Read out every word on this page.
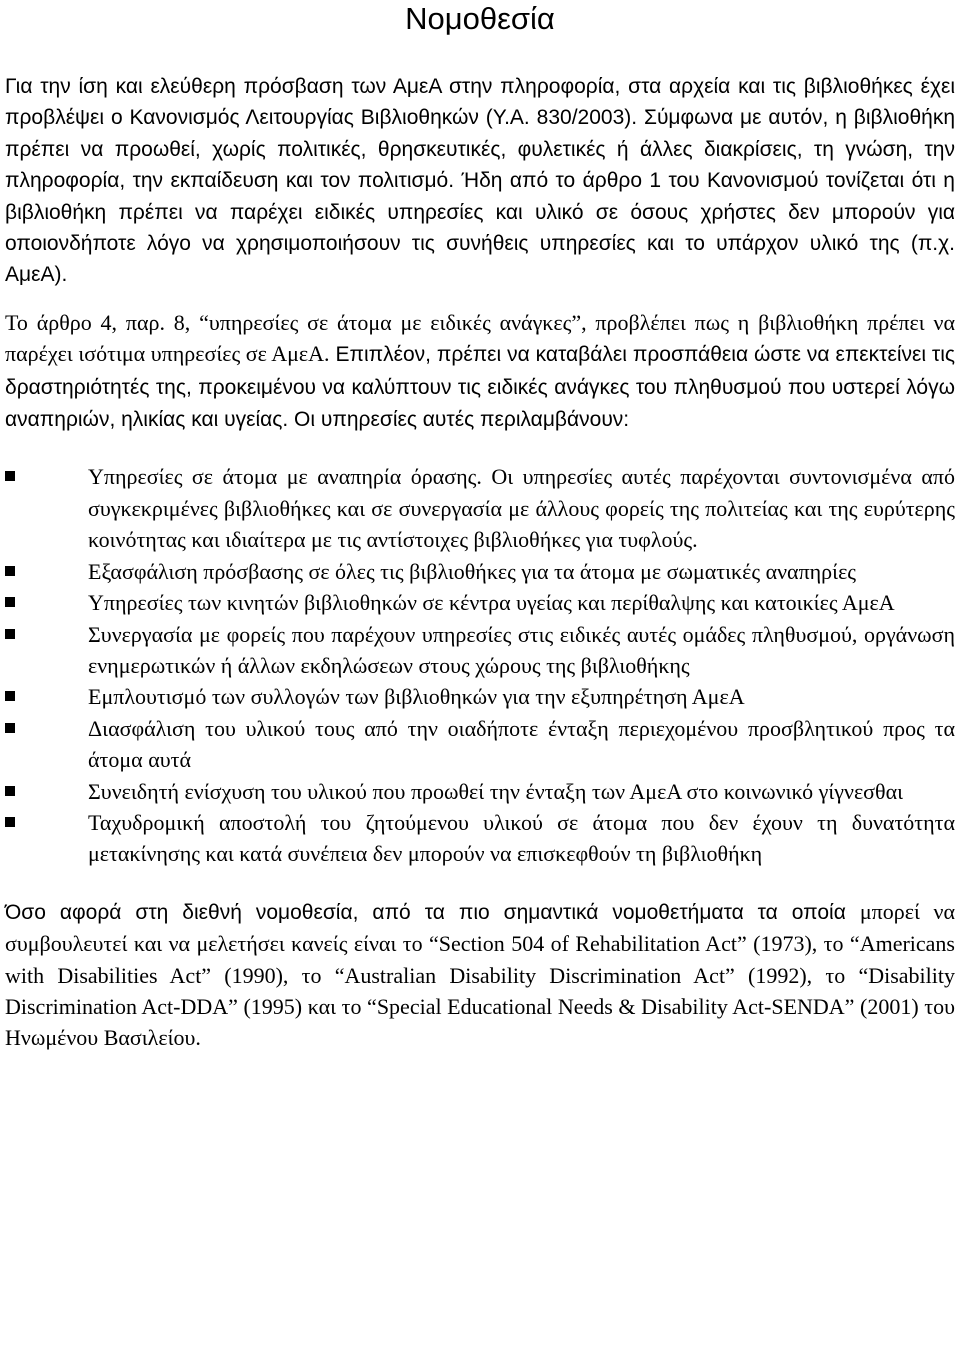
Νομοθεσία

Για την ίση και ελεύθερη πρόσβαση των ΑμεΑ στην πληροφορία, στα αρχεία και τις βιβλιοθήκες έχει προβλέψει ο Κανονισμός Λειτουργίας Βιβλιοθηκών (Υ.Α. 830/2003). Σύμφωνα με αυτόν, η βιβλιοθήκη πρέπει να προωθεί, χωρίς πολιτικές, θρησκευτικές, φυλετικές ή άλλες διακρίσεις, τη γνώση, την πληροφορία, την εκπαίδευση και τον πολιτισμό. Ήδη από το άρθρο 1 του Κανονισμού τονίζεται ότι η βιβλιοθήκη πρέπει να παρέχει ειδικές υπηρεσίες και υλικό σε όσους χρήστες δεν μπορούν για οποιονδήποτε λόγο να χρησιμοποιήσουν τις συνήθεις υπηρεσίες και το υπάρχον υλικό της (π.χ. ΑμεΑ).

Το άρθρο 4, παρ. 8, “υπηρεσίες σε άτομα με ειδικές ανάγκες”, προβλέπει πως η βιβλιοθήκη πρέπει να παρέχει ισότιμα υπηρεσίες σε ΑμεΑ. Επιπλέον, πρέπει να καταβάλει προσπάθεια ώστε να επεκτείνει τις δραστηριότητές της, προκειμένου να καλύπτουν τις ειδικές ανάγκες του πληθυσμού που υστερεί λόγω αναπηριών, ηλικίας και υγείας. Οι υπηρεσίες αυτές περιλαμβάνουν:

Υπηρεσίες σε άτομα με αναπηρία όρασης. Οι υπηρεσίες αυτές παρέχονται συντονισμένα από συγκεκριμένες βιβλιοθήκες και σε συνεργασία με άλλους φορείς της πολιτείας και της ευρύτερης κοινότητας και ιδιαίτερα με τις αντίστοιχες βιβλιοθήκες για τυφλούς.
Εξασφάλιση πρόσβασης σε όλες τις βιβλιοθήκες για τα άτομα με σωματικές αναπηρίες
Υπηρεσίες των κινητών βιβλιοθηκών σε κέντρα υγείας και περίθαλψης και κατοικίες ΑμεΑ
Συνεργασία με φορείς που παρέχουν υπηρεσίες στις ειδικές αυτές ομάδες πληθυσμού, οργάνωση ενημερωτικών ή άλλων εκδηλώσεων στους χώρους της βιβλιοθήκης
Εμπλουτισμό των συλλογών των βιβλιοθηκών για την εξυπηρέτηση ΑμεΑ
Διασφάλιση του υλικού τους από την οιαδήποτε ένταξη περιεχομένου προσβλητικού προς τα άτομα αυτά
Συνειδητή ενίσχυση του υλικού που προωθεί την ένταξη των ΑμεΑ στο κοινωνικό γίγνεσθαι
Ταχυδρομική αποστολή του ζητούμενου υλικού σε άτομα που δεν έχουν τη δυνατότητα μετακίνησης και κατά συνέπεια δεν μπορούν να επισκεφθούν τη βιβλιοθήκη

Όσο αφορά στη διεθνή νομοθεσία, από τα πιο σημαντικά νομοθετήματα τα οποία μπορεί να συμβουλευτεί και να μελετήσει κανείς είναι το “Section 504 of Rehabilitation Act” (1973), το “Americans with Disabilities Act” (1990), το “Australian Disability Discrimination Act” (1992), το “Disability Discrimination Act-DDA” (1995) και το “Special Educational Needs & Disability Act-SENDA” (2001) του Ηνωμένου Βασιλείου.
